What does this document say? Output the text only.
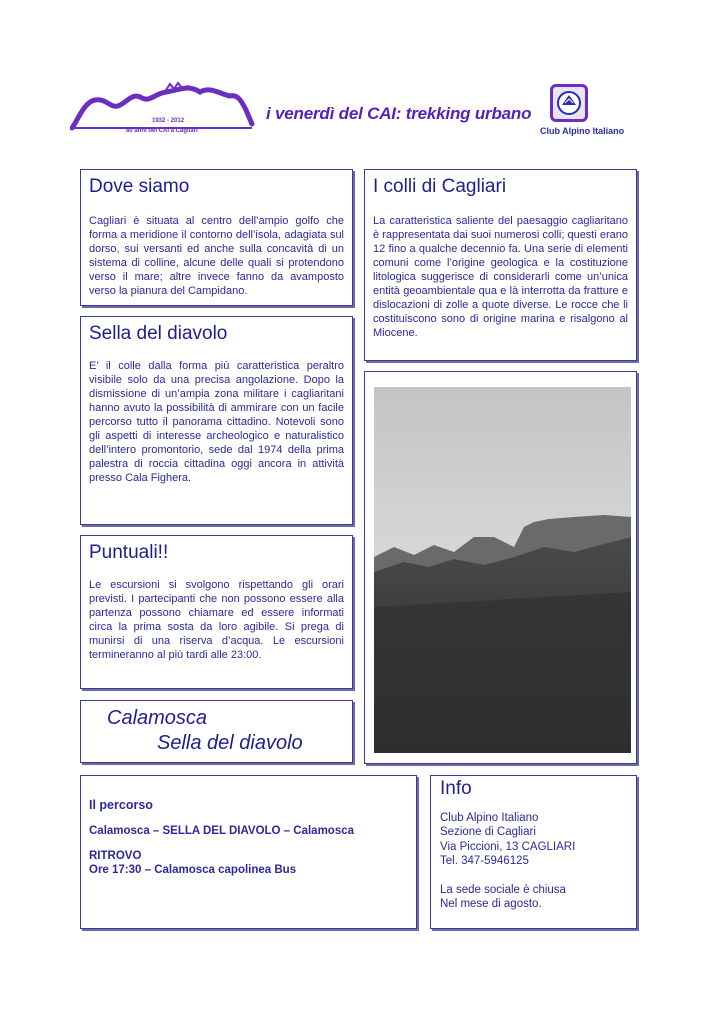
1932 - 2012
80 anni del CAI a Cagliari
i venerdì del CAI: trekking urbano
Club Alpino Italiano
Dove siamo

Cagliari è situata al centro dell’ampio golfo che forma a meridione il contorno dell’isola, adagiata sul dorso, sui versanti ed anche sulla concavità di un sistema di colline, alcune delle quali si protendono verso il mare; altre invece fanno da avamposto verso la pianura del Campidano.

I colli di Cagliari

La caratteristica saliente del paesaggio cagliaritano è rappresentata dai suoi numerosi colli; questi erano 12 fino a qualche decennio fa. Una serie di elementi comuni come l’origine geologica e la costituzione litologica suggerisce di considerarli come un’unica entità geoambientale qua e là interrotta da fratture e dislocazioni di zolle a quote diverse. Le rocce che li costituiscono sono di origine marina e risalgono al Miocene.

Sella del diavolo

E’ il colle dalla forma più caratteristica peraltro visibile solo da una precisa angolazione. Dopo la dismissione di un’ampia zona militare i cagliaritani hanno avuto la possibilità di ammirare con un facile percorso tutto il panorama cittadino. Notevoli sono gli aspetti di interesse archeologico e naturalistico dell’intero promontorio, sede dal 1974 della prima palestra di roccia cittadina oggi ancora in attività presso Cala Fighera.

Puntuali!!

Le escursioni si svolgono rispettando gli orari previsti. I partecipanti che non possono essere alla partenza possono chiamare ed essere informati circa la prima sosta da loro agibile. Si prega di munirsi di una riserva d’acqua. Le escursioni termineranno al più tardi alle 23:00.

Calamosca
Sella del diavolo
Il percorso
Calamosca – SELLA DEL DIAVOLO – Calamosca
RITROVO
Ore 17:30 – Calamosca capolinea Bus
Info
Club Alpino Italiano
Sezione di Cagliari
Via Piccioni, 13 CAGLIARI
Tel. 347-5946125
La sede sociale è chiusa
Nel mese di agosto.
